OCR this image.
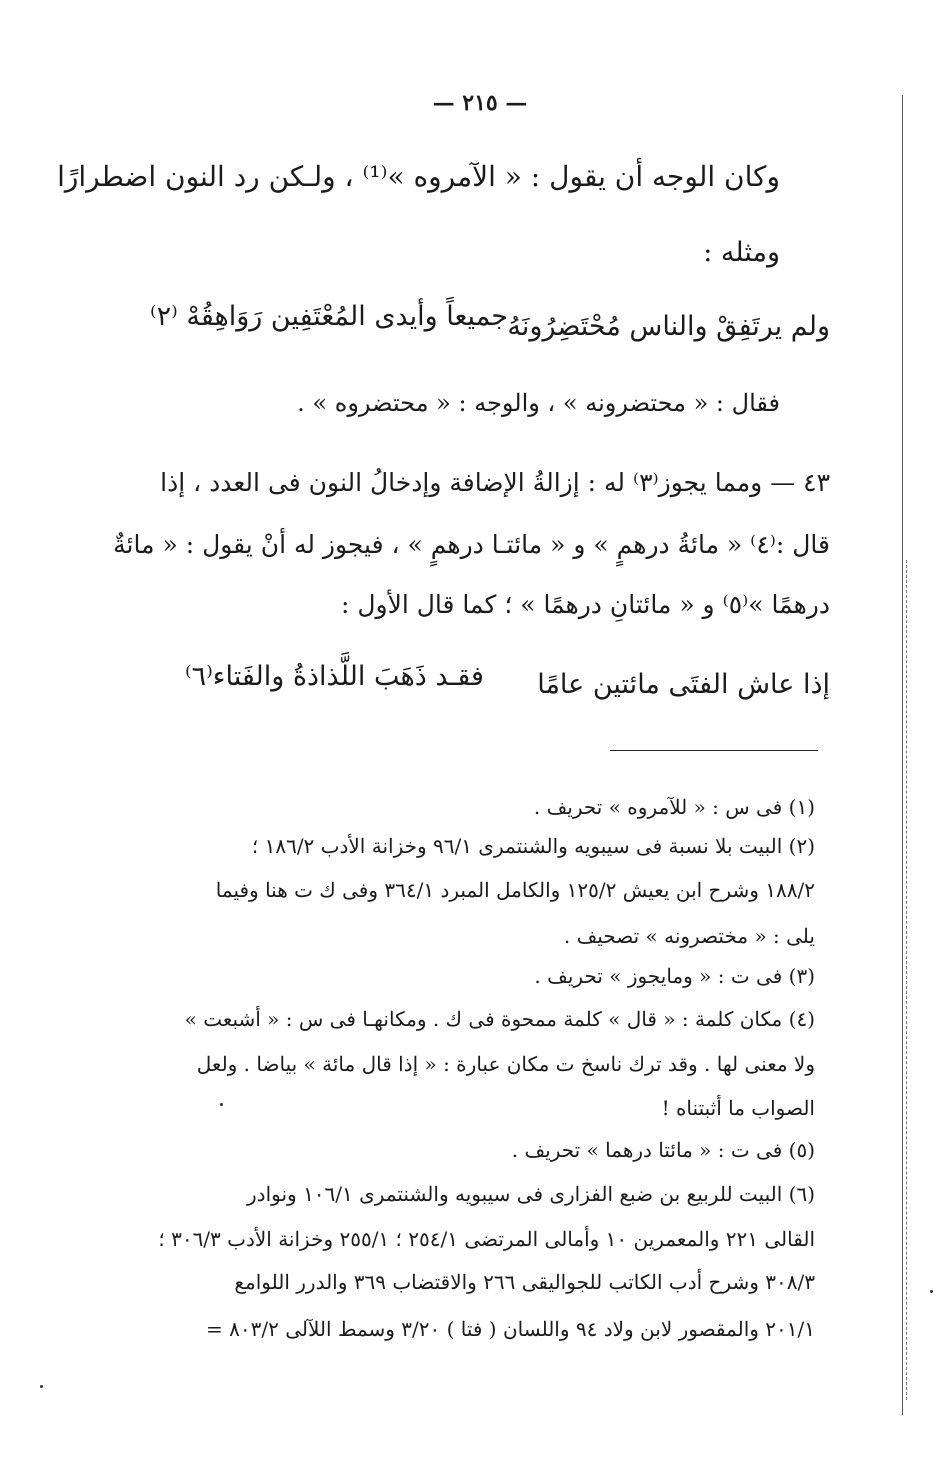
— ٢١٥ —
وكان الوجه أن يقول : « الآمروه »⁽¹⁾ ، ولـكن رد النون اضطرارًا
ومثله :
ولم يرتَفِقْ والناس مُحْتَضِرُونَهُ
جميعاً وأيدى المُعْتَفِين رَوَاهِقُهْ ⁽٢⁾
فقال : « محتضرونه » ، والوجه : « محتضروه » .
٤٣ — ومما يجوز⁽٣⁾ له : إزالةُ الإضافة وإدخالُ النون فى العدد ، إذا
قال :⁽٤⁾ « مائةُ درهمٍ » و « مائتـا درهمٍ » ، فيجوز له أنْ يقول : « مائةٌ
درهمًا »⁽٥⁾ و « مائتانِ درهمًا » ؛ كما قال الأول :
إذا عاش الفتَى مائتين عامًا
فقـد ذَهَبَ اللَّذاذةُ والفَتاء⁽٦⁾
(١) فى س : « للآمروه » تحريف .
(٢) البيت بلا نسبة فى سيبويه والشنتمرى ٩٦/١ وخزانة الأدب ١٨٦/٢ ؛
١٨٨/٢ وشرح ابن يعيش ١٢٥/٢ والكامل المبرد ٣٦٤/١ وفى ك ت هنا وفيما
يلى : « مختصرونه » تصحيف .
(٣) فى ت : « ومايجوز » تحريف .
(٤) مكان كلمة : « قال » كلمة ممحوة فى ك . ومكانهـا فى س : « أشبعت »
ولا معنى لها . وقد ترك ناسخ ت مكان عبارة : « إذا قال مائة » بياضا . ولعل
الصواب ما أثبتناه !
(٥) فى ت : « مائتا درهما » تحريف .
(٦) البيت للربيع بن ضبع الفزارى فى سيبويه والشنتمرى ١٠٦/١ ونوادر
القالى ٢٢١ والمعمرين ١٠ وأمالى المرتضى ٢٥٤/١ ؛ ٢٥٥/١ وخزانة الأدب ٣٠٦/٣ ؛
٣٠٨/٣ وشرح أدب الكاتب للجواليقى ٢٦٦ والاقتضاب ٣٦٩ والدرر اللوامع
٢٠١/١ والمقصور لابن ولاد ٩٤ واللسان ( فتا ) ٣/٢٠ وسمط اللآلى ٨٠٣/٢ =
